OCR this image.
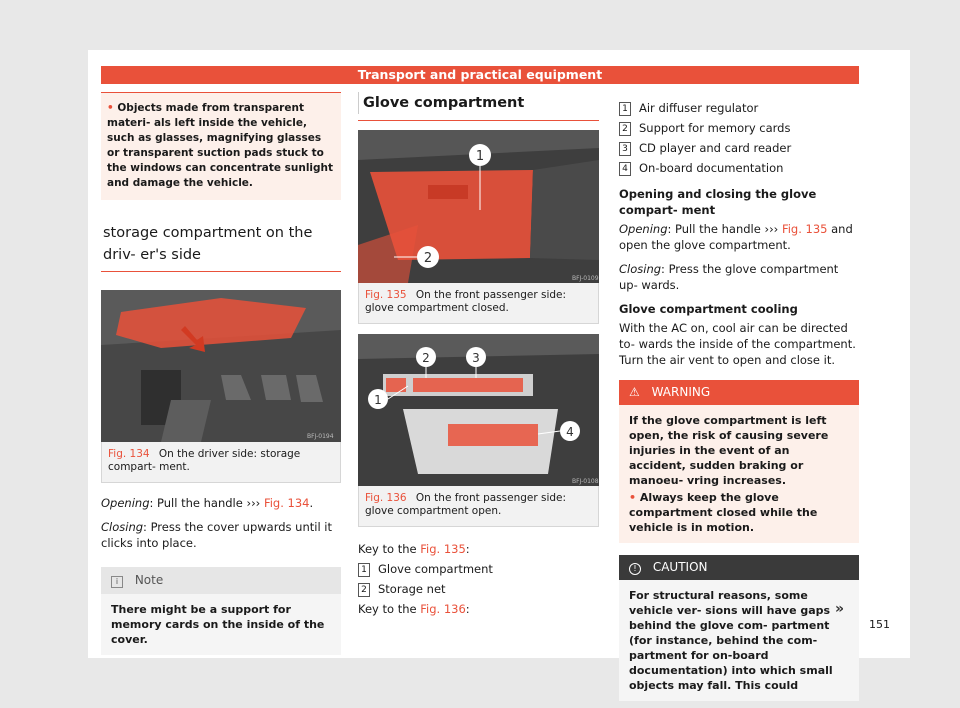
Transport and practical equipment
• Objects made from transparent materi- als left inside the vehicle, such as glasses, magnifying glasses or transparent suction pads stuck to the windows can concentrate sunlight and damage the vehicle.
storage compartment on the driv- er's side
BFJ-0194
Fig. 134 On the driver side: storage compart- ment.

Opening: Pull the handle ››› Fig. 134.

Closing: Press the cover upwards until it clicks into place.

i Note
There might be a support for memory cards on the inside of the cover.
Glove compartment
1
2
BFJ-0109
Fig. 135 On the front passenger side: glove compartment closed.
2	3
1
4
BFJ-0108
Fig. 136 On the front passenger side: glove compartment open.
Key to the Fig. 135:
1 Glove compartment
2 Storage net
Key to the Fig. 136:
1 Air diffuser regulator
2 Support for memory cards
3 CD player and card reader
4 On-board documentation
Opening and closing the glove compart- ment

Opening: Pull the handle ››› Fig. 135 and open the glove compartment.

Closing: Press the glove compartment up- wards.

Glove compartment cooling

With the AC on, cool air can be directed to- wards the inside of the compartment. Turn the air vent to open and close it.

⚠ WARNING
If the glove compartment is left open, the risk of causing severe injuries in the event of an accident, sudden braking or manoeu- vring increases.
• Always keep the glove compartment closed while the vehicle is in motion.
! CAUTION
For structural reasons, some vehicle ver- sions will have gaps behind the glove com- partment (for instance, behind the com- partment for on-board documentation) into which small objects may fall. This could
»
151
